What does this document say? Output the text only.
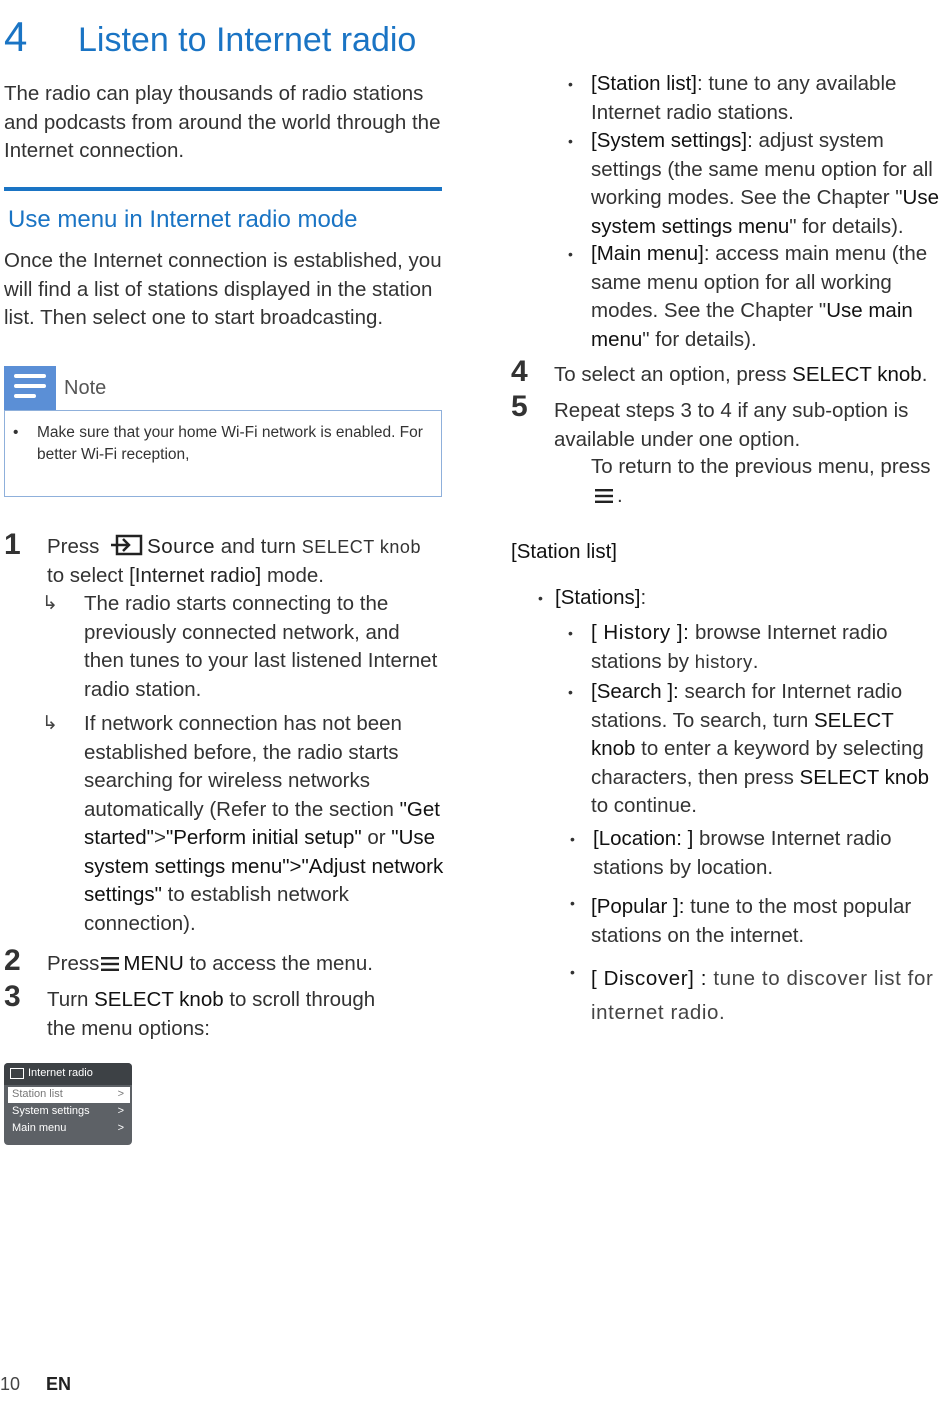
4 Listen to Internet radio

The radio can play thousands of radio stations and podcasts from around the world through the Internet connection.

Use menu in Internet radio mode

Once the Internet connection is established, you will find a list of stations displayed in the station list. Then select one to start broadcasting.

Note
•	Make sure that your home Wi-Fi network is enabled. For better Wi-Fi reception,
1 Press Source and turn SELECT knob
to select [Internet radio] mode.
↳ The radio starts connecting to the previously connected network, and then tunes to your last listened Internet radio station.
↳ If network connection has not been established before, the radio starts searching for wireless networks automatically (Refer to the section "Get started">"Perform initial setup" or "Use system settings menu">"Adjust network settings" to establish network connection).
2 Press MENU to access the menu.
3 Turn SELECT knob to scroll through the menu options:
Internet radio
Station list	>
System settings	>
Main menu	>
• [Station list]: tune to any available Internet radio stations.
• [System settings]: adjust system settings (the same menu option for all working modes. See the Chapter "Use system settings menu" for details).
• [Main menu]: access main menu (the same menu option for all working modes. See the Chapter "Use main menu" for details).
4 To select an option, press SELECT knob.
5 Repeat steps 3 to 4 if any sub-option is available under one option.
To return to the previous menu, press
.
[Station list]
• [Stations]:
• [ History ]: browse Internet radio stations by history.
• [Search ]: search for Internet radio stations. To search, turn SELECT knob to enter a keyword by selecting characters, then press SELECT knob to continue.
• [Location: ] browse Internet radio stations by location.
• [Popular ]: tune to the most popular stations on the internet.
• [ Discover] : tune to discover list for internet radio.
10 EN
